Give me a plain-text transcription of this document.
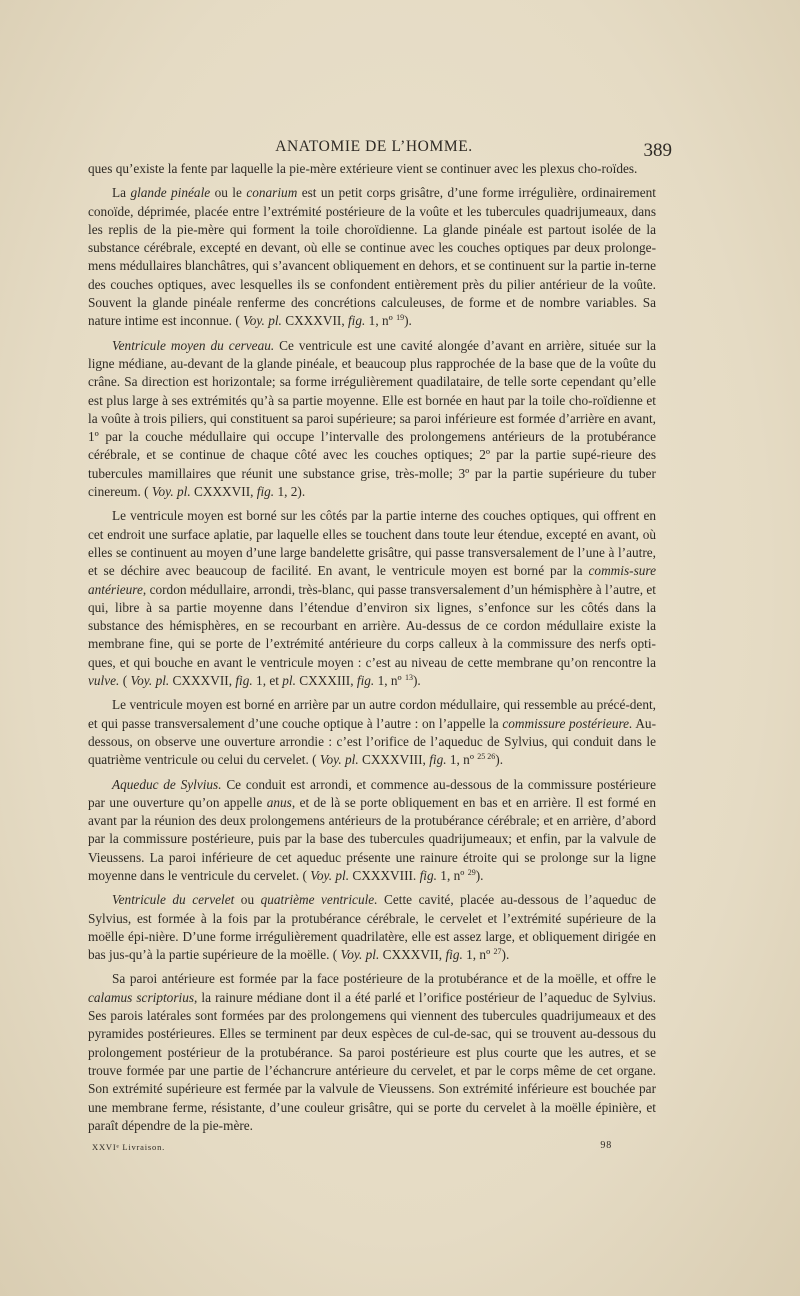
ANATOMIE DE L’HOMME.	389

ques qu’existe la fente par laquelle la pie-mère extérieure vient se continuer avec les plexus cho-roïdes.

La glande pinéale ou le conarium est un petit corps grisâtre, d’une forme irrégulière, ordinairement conoïde, déprimée, placée entre l’extrémité postérieure de la voûte et les tubercules quadrijumeaux, dans les replis de la pie-mère qui forment la toile choroïdienne. La glande pinéale est partout isolée de la substance cérébrale, excepté en devant, où elle se continue avec les couches optiques par deux prolonge-mens médullaires blanchâtres, qui s’avancent obliquement en dehors, et se continuent sur la partie in-terne des couches optiques, avec lesquelles ils se confondent entièrement près du pilier antérieur de la voûte. Souvent la glande pinéale renferme des concrétions calculeuses, de forme et de nombre variables. Sa nature intime est inconnue. ( Voy. pl. CXXXVII, fig. 1, nº $^{19}$).

Ventricule moyen du cerveau. Ce ventricule est une cavité alongée d’avant en arrière, située sur la ligne médiane, au-devant de la glande pinéale, et beaucoup plus rapprochée de la base que de la voûte du crâne. Sa direction est horizontale; sa forme irrégulièrement quadilataire, de telle sorte cependant qu’elle est plus large à ses extrémités qu’à sa partie moyenne. Elle est bornée en haut par la toile cho-roïdienne et la voûte à trois piliers, qui constituent sa paroi supérieure; sa paroi inférieure est formée d’arrière en avant, 1º par la couche médullaire qui occupe l’intervalle des prolongemens antérieurs de la protubérance cérébrale, et se continue de chaque côté avec les couches optiques; 2º par la partie supé-rieure des tubercules mamillaires que réunit une substance grise, très-molle; 3º par la partie supérieure du tuber cinereum. ( Voy. pl. CXXXVII, fig. 1, 2).

Le ventricule moyen est borné sur les côtés par la partie interne des couches optiques, qui offrent en cet endroit une surface aplatie, par laquelle elles se touchent dans toute leur étendue, excepté en avant, où elles se continuent au moyen d’une large bandelette grisâtre, qui passe transversalement de l’une à l’autre, et se déchire avec beaucoup de facilité. En avant, le ventricule moyen est borné par la commis-sure antérieure, cordon médullaire, arrondi, très-blanc, qui passe transversalement d’un hémisphère à l’autre, et qui, libre à sa partie moyenne dans l’étendue d’environ six lignes, s’enfonce sur les côtés dans la substance des hémisphères, en se recourbant en arrière. Au-dessus de ce cordon médullaire existe la membrane fine, qui se porte de l’extrémité antérieure du corps calleux à la commissure des nerfs opti-ques, et qui bouche en avant le ventricule moyen : c’est au niveau de cette membrane qu’on rencontre la vulve. ( Voy. pl. CXXXVII, fig. 1, et pl. CXXXIII, fig. 1, nº $^{13}$).

Le ventricule moyen est borné en arrière par un autre cordon médullaire, qui ressemble au précé-dent, et qui passe transversalement d’une couche optique à l’autre : on l’appelle la commissure postérieure. Au-dessous, on observe une ouverture arrondie : c’est l’orifice de l’aqueduc de Sylvius, qui conduit dans le quatrième ventricule ou celui du cervelet. ( Voy. pl. CXXXVIII, fig. 1, nº $^{25 26}$).

Aqueduc de Sylvius. Ce conduit est arrondi, et commence au-dessous de la commissure postérieure par une ouverture qu’on appelle anus, et de là se porte obliquement en bas et en arrière. Il est formé en avant par la réunion des deux prolongemens antérieurs de la protubérance cérébrale; et en arrière, d’abord par la commissure postérieure, puis par la base des tubercules quadrijumeaux; et enfin, par la valvule de Vieussens. La paroi inférieure de cet aqueduc présente une rainure étroite qui se prolonge sur la ligne moyenne dans le ventricule du cervelet. ( Voy. pl. CXXXVIII. fig. 1, nº $^{29}$).

Ventricule du cervelet ou quatrième ventricule. Cette cavité, placée au-dessous de l’aqueduc de Sylvius, est formée à la fois par la protubérance cérébrale, le cervelet et l’extrémité supérieure de la moëlle épi-nière. D’une forme irrégulièrement quadrilatère, elle est assez large, et obliquement dirigée en bas jus-qu’à la partie supérieure de la moëlle. ( Voy. pl. CXXXVII, fig. 1, nº $^{27}$).

Sa paroi antérieure est formée par la face postérieure de la protubérance et de la moëlle, et offre le calamus scriptorius, la rainure médiane dont il a été parlé et l’orifice postérieur de l’aqueduc de Sylvius. Ses parois latérales sont formées par des prolongemens qui viennent des tubercules quadrijumeaux et des pyramides postérieures. Elles se terminent par deux espèces de cul-de-sac, qui se trouvent au-dessous du prolongement postérieur de la protubérance. Sa paroi postérieure est plus courte que les autres, et se trouve formée par une partie de l’échancrure antérieure du cervelet, et par le corps même de cet organe. Son extrémité supérieure est fermée par la valvule de Vieussens. Son extrémité inférieure est bouchée par une membrane ferme, résistante, d’une couleur grisâtre, qui se porte du cervelet à la moëlle épinière, et paraît dépendre de la pie-mère.

XXVIᵉ Livraison.	98
